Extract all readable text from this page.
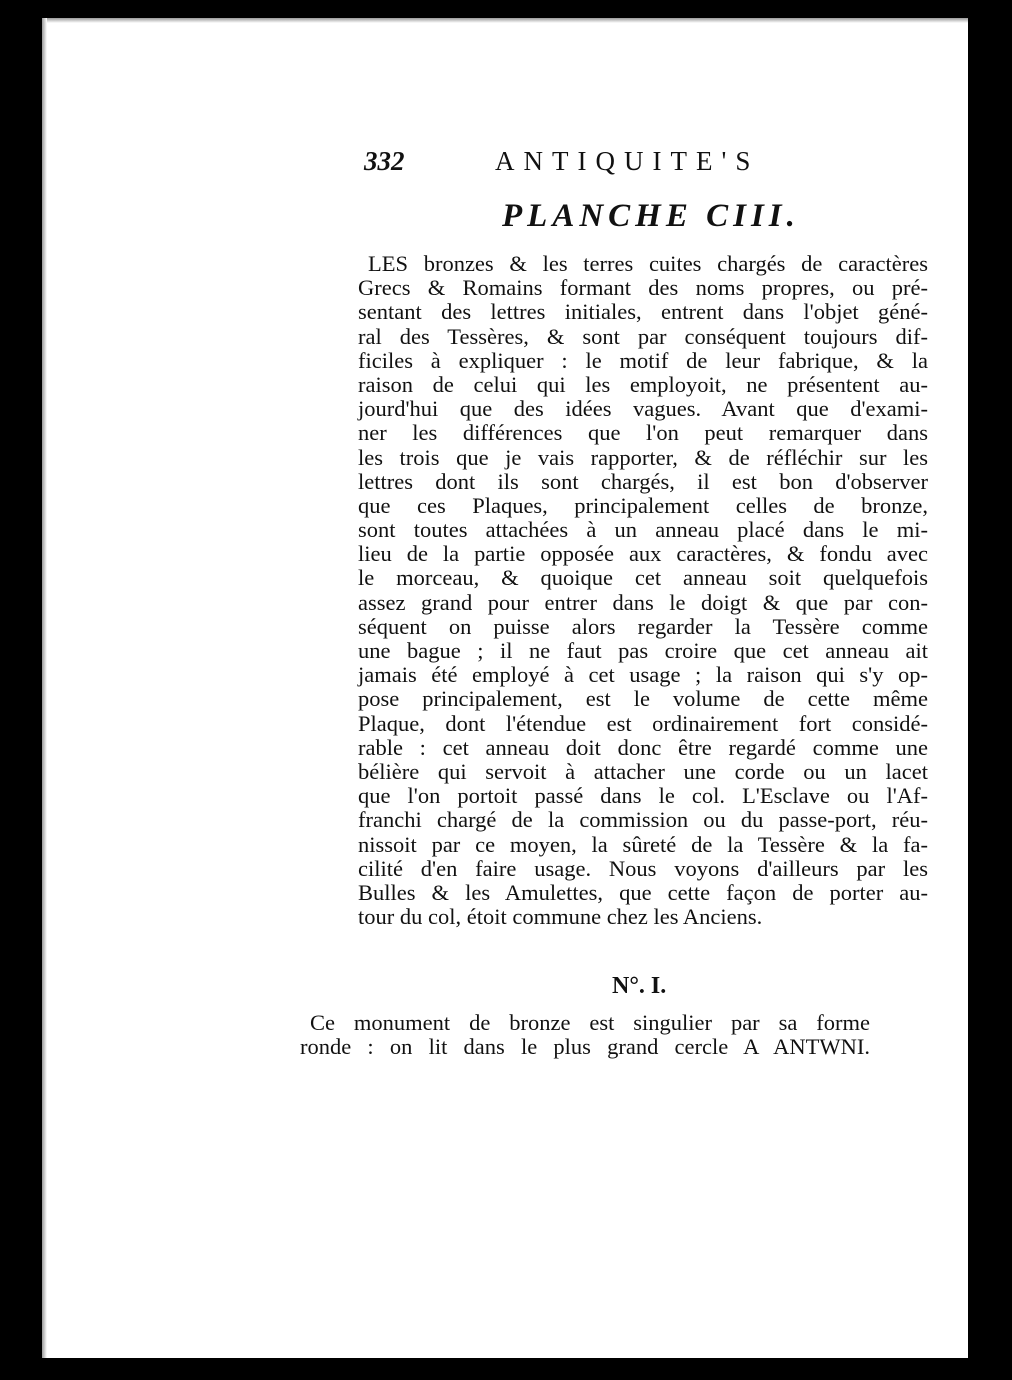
332	ANTIQUITE'S
PLANCHE CIII.
LES bronzes & les terres cuites chargés de caractères
Grecs & Romains formant des noms propres, ou pré-
sentant des lettres initiales, entrent dans l'objet géné-
ral des Tessères, & sont par conséquent toujours dif-
ficiles à expliquer : le motif de leur fabrique, & la
raison de celui qui les employoit, ne présentent au-
jourd'hui que des idées vagues. Avant que d'exami-
ner les différences que l'on peut remarquer dans
les trois que je vais rapporter, & de réfléchir sur les
lettres dont ils sont chargés, il est bon d'observer
que ces Plaques, principalement celles de bronze,
sont toutes attachées à un anneau placé dans le mi-
lieu de la partie opposée aux caractères, & fondu avec
le morceau, & quoique cet anneau soit quelquefois
assez grand pour entrer dans le doigt & que par con-
séquent on puisse alors regarder la Tessère comme
une bague ; il ne faut pas croire que cet anneau ait
jamais été employé à cet usage ; la raison qui s'y op-
pose principalement, est le volume de cette même
Plaque, dont l'étendue est ordinairement fort considé-
rable : cet anneau doit donc être regardé comme une
bélière qui servoit à attacher une corde ou un lacet
que l'on portoit passé dans le col. L'Esclave ou l'Af-
franchi chargé de la commission ou du passe-port, réu-
nissoit par ce moyen, la sûreté de la Tessère & la fa-
cilité d'en faire usage. Nous voyons d'ailleurs par les
Bulles & les Amulettes, que cette façon de porter au-
tour du col, étoit commune chez les Anciens.
N°. I.
Ce monument de bronze est singulier par sa forme
ronde : on lit dans le plus grand cercle A ANTWNI.
